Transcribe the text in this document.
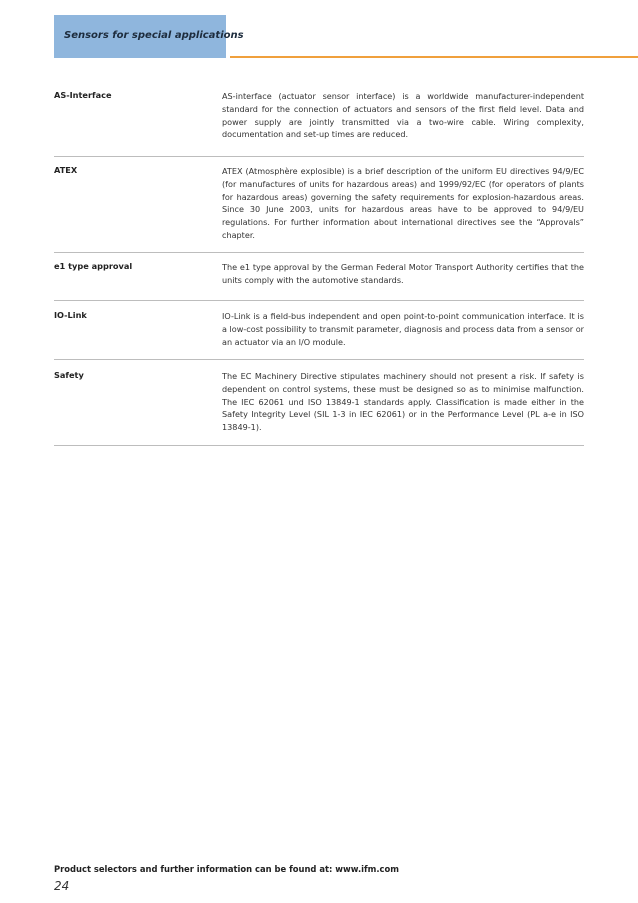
Sensors for special applications
AS-Interface	AS-interface (actuator sensor interface) is a worldwide manufacturer-independent standard for the connection of actuators and sensors of the first field level. Data and power supply are jointly transmitted via a two-wire cable. Wiring complexity, documentation and set-up times are reduced.
ATEX	ATEX (Atmosphère explosible) is a brief description of the uniform EU directives 94/9/EC (for manufactures of units for hazardous areas) and 1999/92/EC (for operators of plants for hazardous areas) governing the safety requirements for explosion-hazardous areas. Since 30 June 2003, units for hazardous areas have to be approved to 94/9/EU regulations. For further information about international directives see the “Approvals” chapter.
e1 type approval	The e1 type approval by the German Federal Motor Transport Authority certifies that the units comply with the automotive standards.
IO-Link	IO-Link is a field-bus independent and open point-to-point communication interface. It is a low-cost possibility to transmit parameter, diagnosis and process data from a sensor or an actuator via an I/O module.
Safety	The EC Machinery Directive stipulates machinery should not present a risk. If safety is dependent on control systems, these must be designed so as to minimise malfunction. The IEC 62061 und ISO 13849-1 standards apply. Classification is made either in the Safety Integrity Level (SIL 1-3 in IEC 62061) or in the Performance Level (PL a-e in ISO 13849-1).
Product selectors and further information can be found at: www.ifm.com
24
